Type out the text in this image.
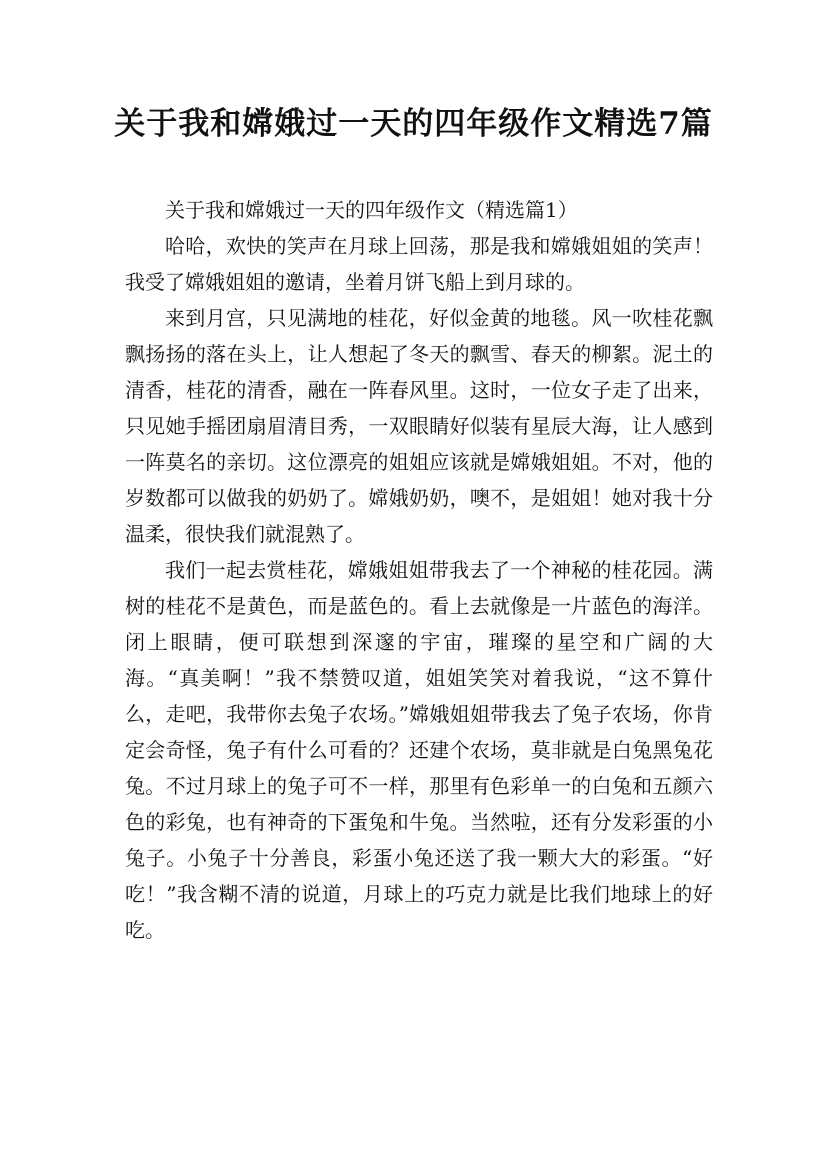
关于我和嫦娥过一天的四年级作文精选7篇

关于我和嫦娥过一天的四年级作文（精选篇1）

哈哈，欢快的笑声在月球上回荡，那是我和嫦娥姐姐的笑声！我受了嫦娥姐姐的邀请，坐着月饼飞船上到月球的。

来到月宫，只见满地的桂花，好似金黄的地毯。风一吹桂花飘飘扬扬的落在头上，让人想起了冬天的飘雪、春天的柳絮。泥土的清香，桂花的清香，融在一阵春风里。这时，一位女子走了出来，只见她手摇团扇眉清目秀，一双眼睛好似装有星辰大海，让人感到一阵莫名的亲切。这位漂亮的姐姐应该就是嫦娥姐姐。不对，他的岁数都可以做我的奶奶了。嫦娥奶奶，噢不，是姐姐！她对我十分温柔，很快我们就混熟了。

我们一起去赏桂花，嫦娥姐姐带我去了一个神秘的桂花园。满树的桂花不是黄色，而是蓝色的。看上去就像是一片蓝色的海洋。闭上眼睛，便可联想到深邃的宇宙，璀璨的星空和广阔的大海。“真美啊！”我不禁赞叹道，姐姐笑笑对着我说，“这不算什么，走吧，我带你去兔子农场。”嫦娥姐姐带我去了兔子农场，你肯定会奇怪，兔子有什么可看的？还建个农场，莫非就是白兔黑兔花兔。不过月球上的兔子可不一样，那里有色彩单一的白兔和五颜六色的彩兔，也有神奇的下蛋兔和牛兔。当然啦，还有分发彩蛋的小兔子。小兔子十分善良，彩蛋小兔还送了我一颗大大的彩蛋。“好吃！”我含糊不清的说道，月球上的巧克力就是比我们地球上的好吃。
